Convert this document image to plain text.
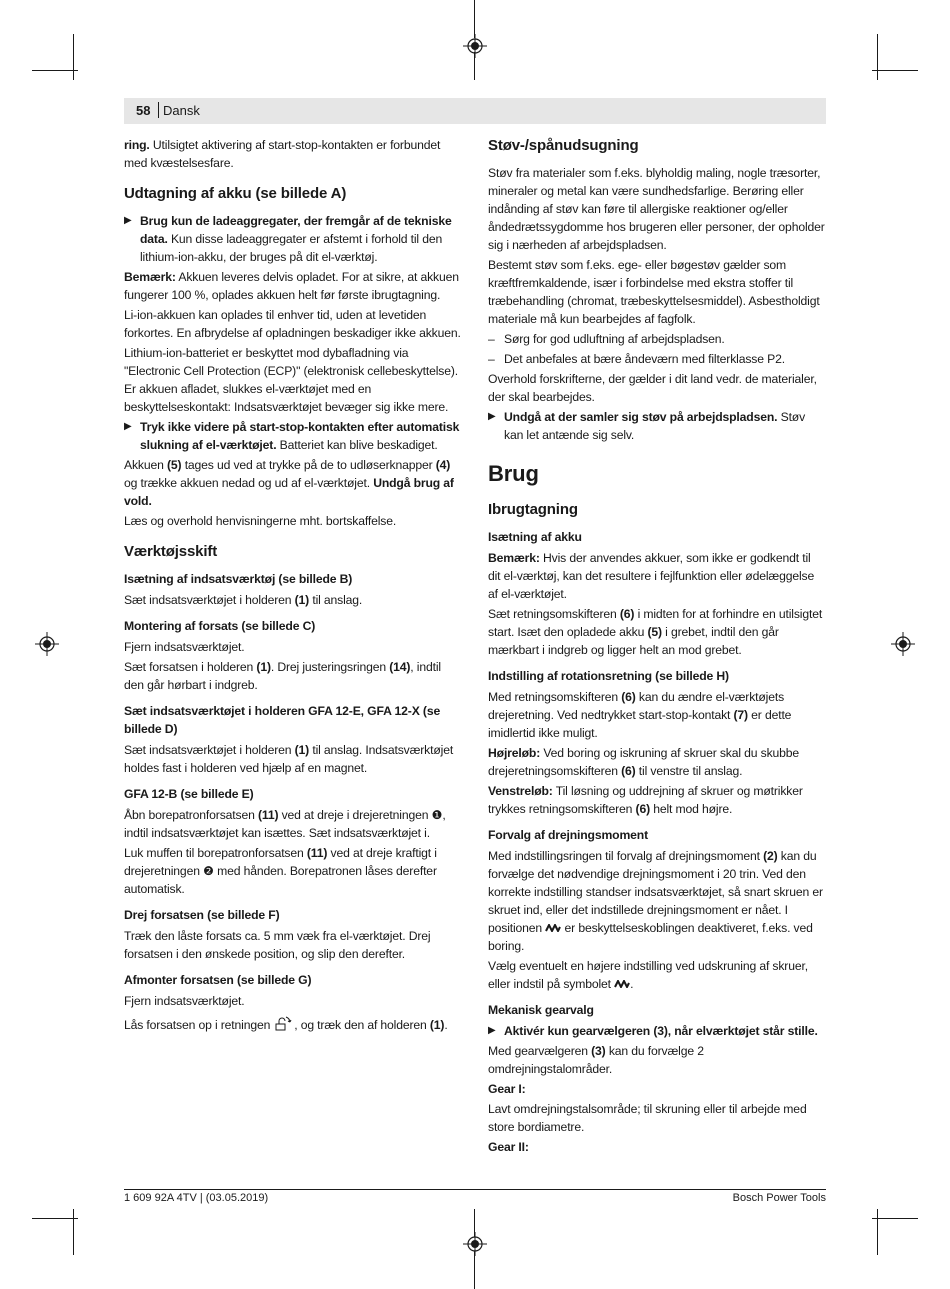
58 Dansk

ring. Utilsigtet aktivering af start-stop-kontakten er forbundet med kvæstelsesfare.

Udtagning af akku (se billede A)
▶ Brug kun de ladeaggregater, der fremgår af de tekniske data. Kun disse ladeaggregater er afstemt i forhold til den lithium-ion-akku, der bruges på dit el-værktøj.

Bemærk: Akkuen leveres delvis opladet. For at sikre, at akkuen fungerer 100 %, oplades akkuen helt før første ibrugtagning.

Li-ion-akkuen kan oplades til enhver tid, uden at levetiden forkortes. En afbrydelse af opladningen beskadiger ikke akkuen.

Lithium-ion-batteriet er beskyttet mod dybafladning via "Electronic Cell Protection (ECP)" (elektronisk cellebeskyttelse). Er akkuen afladet, slukkes el-værktøjet med en beskyttelseskontakt: Indsatsværktøjet bevæger sig ikke mere.

▶ Tryk ikke videre på start-stop-kontakten efter automatisk slukning af el-værktøjet. Batteriet kan blive beskadiget.

Akkuen (5) tages ud ved at trykke på de to udløserknapper (4) og trække akkuen nedad og ud af el-værktøjet. Undgå brug af vold.

Læs og overhold henvisningerne mht. bortskaffelse.

Værktøjsskift
Isætning af indsatsværktøj (se billede B)

Sæt indsatsværktøjet i holderen (1) til anslag.

Montering af forsats (se billede C)

Fjern indsatsværktøjet.

Sæt forsatsen i holderen (1). Drej justeringsringen (14), indtil den går hørbart i indgreb.

Sæt indsatsværktøjet i holderen GFA 12-E, GFA 12-X (se billede D)

Sæt indsatsværktøjet i holderen (1) til anslag. Indsatsværktøjet holdes fast i holderen ved hjælp af en magnet.

GFA 12-B (se billede E)

Åbn borepatronforsatsen (11) ved at dreje i drejeretningen ❶, indtil indsatsværktøjet kan isættes. Sæt indsatsværktøjet i.

Luk muffen til borepatronforsatsen (11) ved at dreje kraftigt i drejeretningen ❷ med hånden. Borepatronen låses derefter automatisk.

Drej forsatsen (se billede F)

Træk den låste forsats ca. 5 mm væk fra el-værktøjet. Drej forsatsen i den ønskede position, og slip den derefter.

Afmonter forsatsen (se billede G)

Fjern indsatsværktøjet.

Lås forsatsen op i retningen , og træk den af holderen (1).

Støv-/spånudsugning

Støv fra materialer som f.eks. blyholdig maling, nogle træsorter, mineraler og metal kan være sundhedsfarlige. Berøring eller indånding af støv kan føre til allergiske reaktioner og/eller åndedrætssygdomme hos brugeren eller personer, der opholder sig i nærheden af arbejdspladsen.

Bestemt støv som f.eks. ege- eller bøgestøv gælder som kræftfremkaldende, især i forbindelse med ekstra stoffer til træbehandling (chromat, træbeskyttelsesmiddel). Asbestholdigt materiale må kun bearbejdes af fagfolk.

– Sørg for god udluftning af arbejdspladsen.
– Det anbefales at bære åndeværn med filterklasse P2.

Overhold forskrifterne, der gælder i dit land vedr. de materialer, der skal bearbejdes.

▶ Undgå at der samler sig støv på arbejdspladsen. Støv kan let antænde sig selv.
Brug
Ibrugtagning
Isætning af akku

Bemærk: Hvis der anvendes akkuer, som ikke er godkendt til dit el-værktøj, kan det resultere i fejlfunktion eller ødelæggelse af el-værktøjet.

Sæt retningsomskifteren (6) i midten for at forhindre en utilsigtet start. Isæt den opladede akku (5) i grebet, indtil den går mærkbart i indgreb og ligger helt an mod grebet.

Indstilling af rotationsretning (se billede H)

Med retningsomskifteren (6) kan du ændre el-værktøjets drejeretning. Ved nedtrykket start-stop-kontakt (7) er dette imidlertid ikke muligt.

Højreløb: Ved boring og iskruning af skruer skal du skubbe drejeretningsomskifteren (6) til venstre til anslag.

Venstreløb: Til løsning og uddrejning af skruer og møtrikker trykkes retningsomskifteren (6) helt mod højre.

Forvalg af drejningsmoment

Med indstillingsringen til forvalg af drejningsmoment (2) kan du forvælge det nødvendige drejningsmoment i 20 trin. Ved den korrekte indstilling standser indsatsværktøjet, så snart skruen er skruet ind, eller det indstillede drejningsmoment er nået. I positionen  er beskyttelseskoblingen deaktiveret, f.eks. ved boring.

Vælg eventuelt en højere indstilling ved udskruning af skruer, eller indstil på symbolet .

Mekanisk gearvalg
▶ Aktivér kun gearvælgeren (3), når elværktøjet står stille.

Med gearvælgeren (3) kan du forvælge 2 omdrejningstalområder.

Gear I:

Lavt omdrejningstalsområde; til skruning eller til arbejde med store bordiametre.

Gear II:

1 609 92A 4TV | (03.05.2019)	Bosch Power Tools
